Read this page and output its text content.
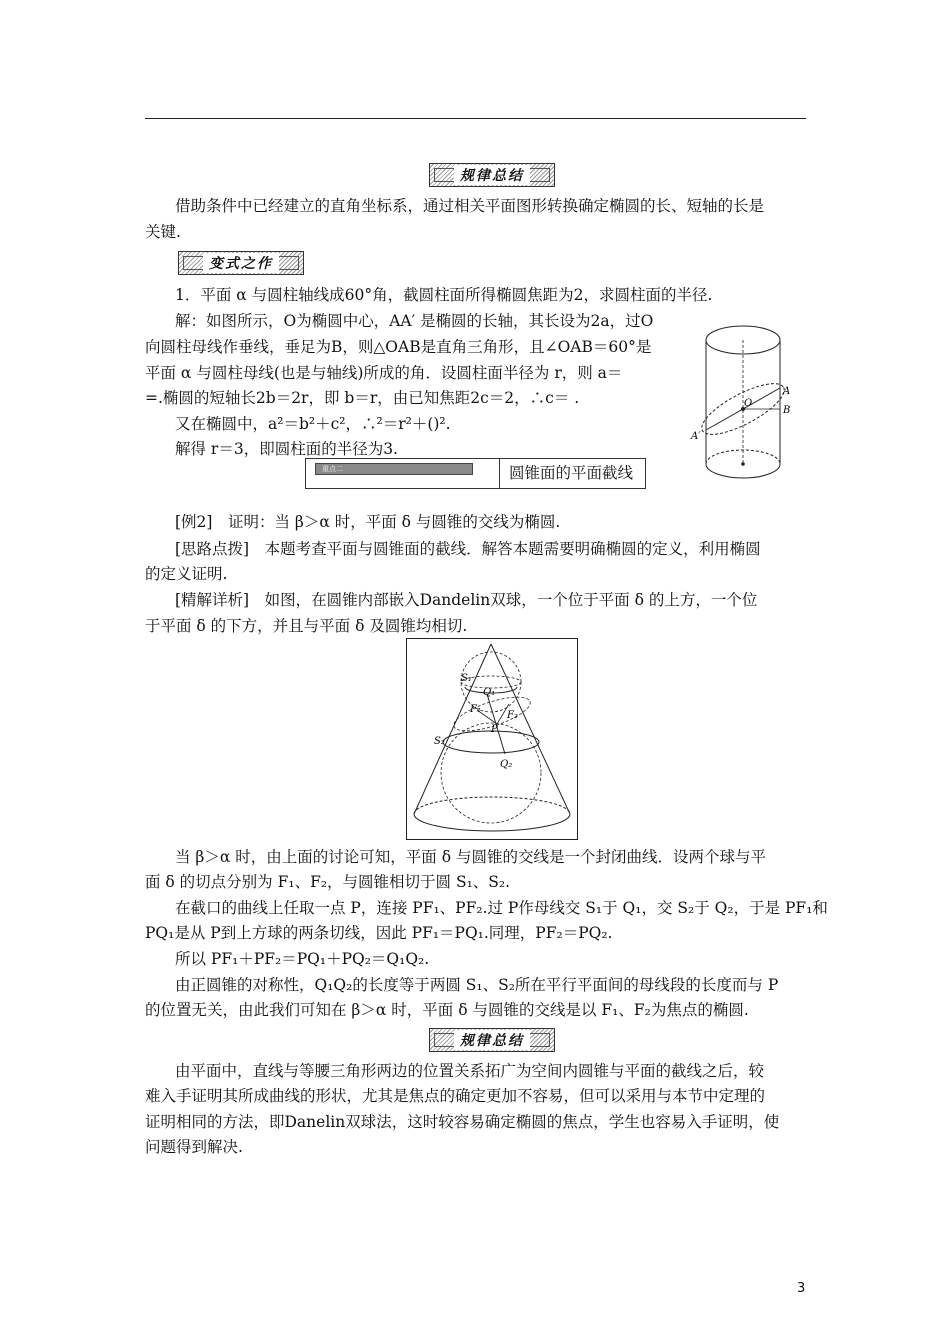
规律总结
借助条件中已经建立的直角坐标系，通过相关平面图形转换确定椭圆的长、短轴的长是
关键.
变式之作
1．平面 α 与圆柱轴线成60°角，截圆柱面所得椭圆焦距为2，求圆柱面的半径.
解：如图所示，O为椭圆中心，AA′ 是椭圆的长轴，其长设为2a，过O
向圆柱母线作垂线，垂足为B，则△OAB是直角三角形，且∠OAB＝60°是
平面 α 与圆柱母线(也是与轴线)所成的角．设圆柱面半径为 r，则 a＝
=.椭圆的短轴长2b＝2r，即 b＝r，由已知焦距2c＝2，∴c＝ .
又在椭圆中，a²＝b²＋c²，∴²＝r²＋()².
解得 r＝3，即圆柱面的半径为3.
O
A
B
A′
重点二	圆锥面的平面截线
[例2]　证明：当 β＞α 时，平面 δ 与圆锥的交线为椭圆.
[思路点拨]　本题考查平面与圆锥面的截线．解答本题需要明确椭圆的定义，利用椭圆
的定义证明.
[精解详析]　如图，在圆锥内部嵌入Dandelin双球，一个位于平面 δ 的上方，一个位
于平面 δ 的下方，并且与平面 δ 及圆锥均相切.
S₁
Q₁
F₁
F₂
P
S₂
Q₂
当 β＞α 时，由上面的讨论可知，平面 δ 与圆锥的交线是一个封闭曲线．设两个球与平
面 δ 的切点分别为 F₁、F₂，与圆锥相切于圆 S₁、S₂.
在截口的曲线上任取一点 P，连接 PF₁、PF₂.过 P作母线交 S₁于 Q₁，交 S₂于 Q₂，于是 PF₁和
PQ₁是从 P到上方球的两条切线，因此 PF₁＝PQ₁.同理，PF₂＝PQ₂.
所以 PF₁＋PF₂＝PQ₁＋PQ₂＝Q₁Q₂.
由正圆锥的对称性，Q₁Q₂的长度等于两圆 S₁、S₂所在平行平面间的母线段的长度而与 P
的位置无关，由此我们可知在 β＞α 时，平面 δ 与圆锥的交线是以 F₁、F₂为焦点的椭圆.
规律总结
由平面中，直线与等腰三角形两边的位置关系拓广为空间内圆锥与平面的截线之后，较
难入手证明其所成曲线的形状，尤其是焦点的确定更加不容易，但可以采用与本节中定理的
证明相同的方法，即Danelin双球法，这时较容易确定椭圆的焦点，学生也容易入手证明，使
问题得到解决.
3
